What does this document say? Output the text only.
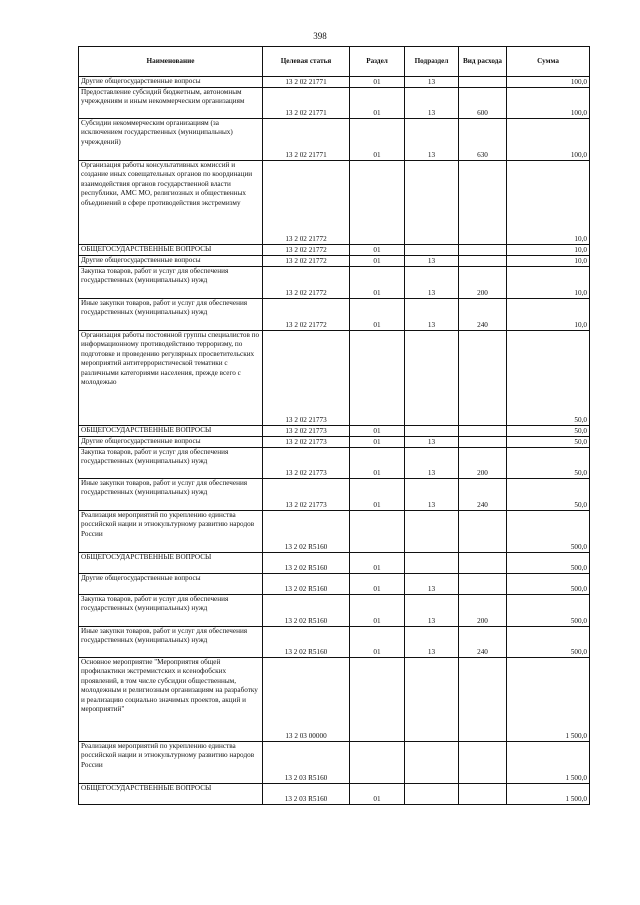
398
Наименование	Целевая статья	Раздел	Подраздел	Вид расхода	Сумма
Другие общегосударственные вопросы	13 2 02 21771	01	13		100,0
Предоставление субсидий бюджетным, автономным учреждениям и иным некоммерческим организациям	13 2 02 21771	01	13	600	100,0
Субсидии некоммерческим организациям (за исключением государственных (муниципальных) учреждений)	13 2 02 21771	01	13	630	100,0
Организация работы консультативных комиссий и создание иных совещательных органов по координации взаимодействия органов государственной власти республики, АМС МО, религиозных и общественных объединений в сфере противодействия экстремизму	13 2 02 21772				10,0
ОБЩЕГОСУДАРСТВЕННЫЕ ВОПРОСЫ	13 2 02 21772	01			10,0
Другие общегосударственные вопросы	13 2 02 21772	01	13		10,0
Закупка товаров, работ и услуг для обеспечения государственных (муниципальных) нужд	13 2 02 21772	01	13	200	10,0
Иные закупки товаров, работ и услуг для обеспечения государственных (муниципальных) нужд	13 2 02 21772	01	13	240	10,0
Организация работы постоянной группы специалистов по информационному противодействию терроризму, по подготовке и проведению регулярных просветительских мероприятий антитеррористической тематики с различными категориями населения, прежде всего с молодежью	13 2 02 21773				50,0
ОБЩЕГОСУДАРСТВЕННЫЕ ВОПРОСЫ	13 2 02 21773	01			50,0
Другие общегосударственные вопросы	13 2 02 21773	01	13		50,0
Закупка товаров, работ и услуг для обеспечения государственных (муниципальных) нужд	13 2 02 21773	01	13	200	50,0
Иные закупки товаров, работ и услуг для обеспечения государственных (муниципальных) нужд	13 2 02 21773	01	13	240	50,0
Реализация мероприятий по укреплению единства российской нации и этнокультурному развитию народов России	13 2 02 R5160				500,0
ОБЩЕГОСУДАРСТВЕННЫЕ ВОПРОСЫ	13 2 02 R5160	01			500,0
Другие общегосударственные вопросы	13 2 02 R5160	01	13		500,0
Закупка товаров, работ и услуг для обеспечения государственных (муниципальных) нужд	13 2 02 R5160	01	13	200	500,0
Иные закупки товаров, работ и услуг для обеспечения государственных (муниципальных) нужд	13 2 02 R5160	01	13	240	500,0
Основное мероприятие "Мероприятия общей профилактики экстремистских и ксенофобских проявлений, в том числе субсидии общественным, молодежным и религиозным организациям на разработку и реализацию социально значимых проектов, акций и мероприятий"	13 2 03 00000				1 500,0
Реализация мероприятий по укреплению единства российской нации и этнокультурному развитию народов России	13 2 03 R5160				1 500,0
ОБЩЕГОСУДАРСТВЕННЫЕ ВОПРОСЫ	13 2 03 R5160	01			1 500,0
